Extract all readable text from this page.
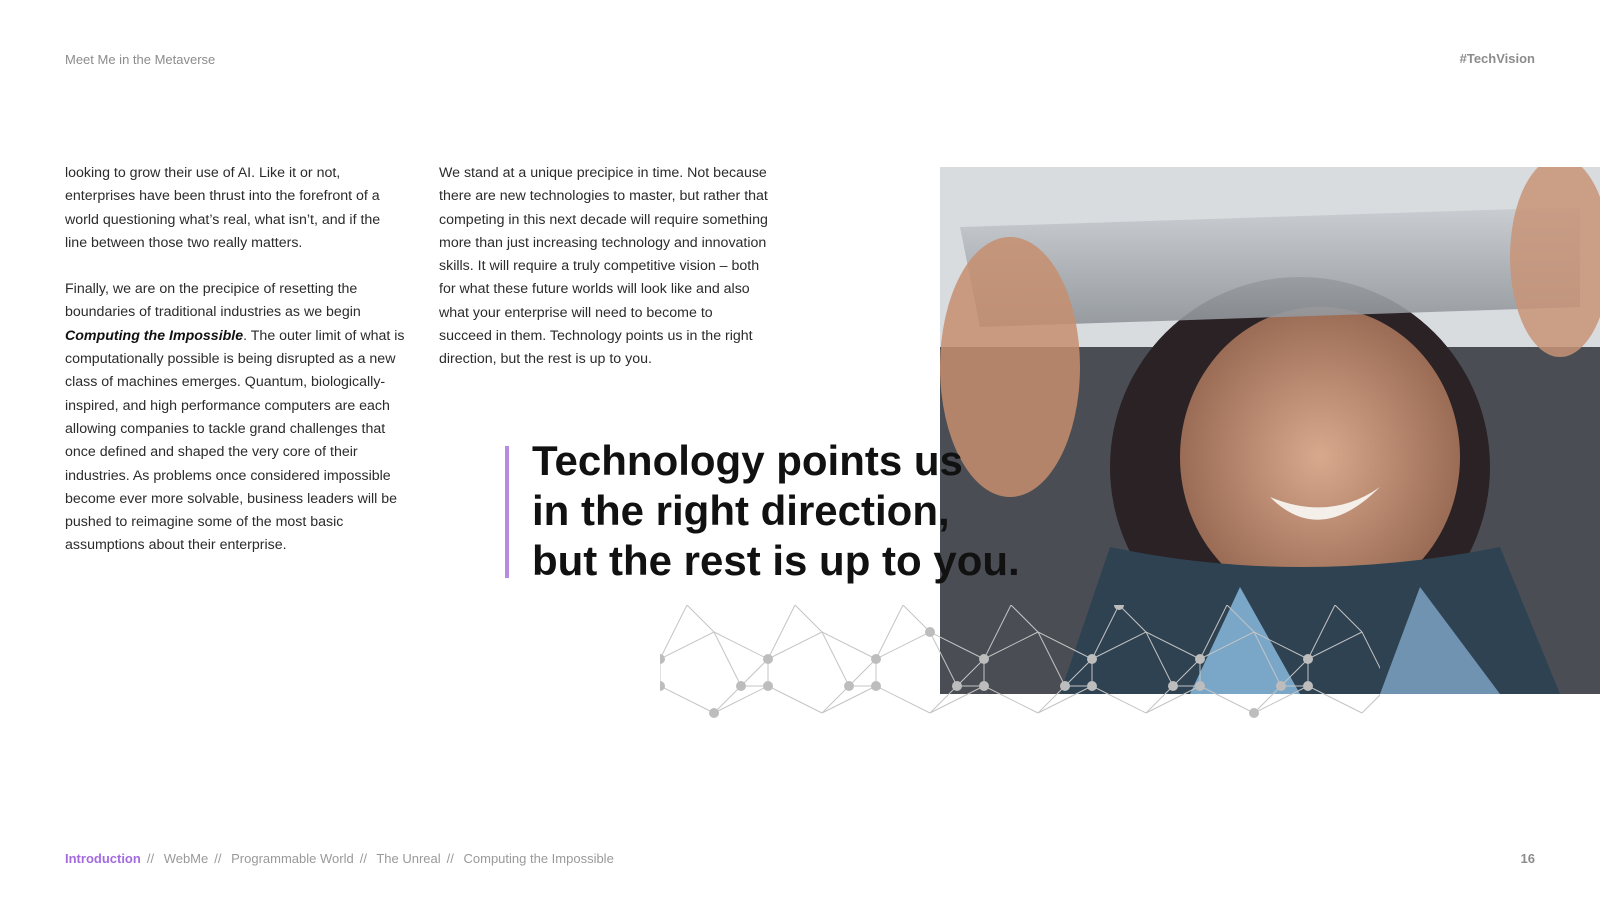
Meet Me in the Metaverse	#TechVision

looking to grow their use of AI. Like it or not, enterprises have been thrust into the forefront of a world questioning what’s real, what isn’t, and if the line between those two really matters.

Finally, we are on the precipice of resetting the boundaries of traditional industries as we begin Computing the Impossible. The outer limit of what is computationally possible is being disrupted as a new class of machines emerges. Quantum, biologically-inspired, and high performance computers are each allowing companies to tackle grand challenges that once defined and shaped the very core of their industries. As problems once considered impossible become ever more solvable, business leaders will be pushed to reimagine some of the most basic assumptions about their enterprise.

We stand at a unique precipice in time. Not because there are new technologies to master, but rather that competing in this next decade will require something more than just increasing technology and innovation skills. It will require a truly competitive vision – both for what these future worlds will look like and also what your enterprise will need to become to succeed in them. Technology points us in the right direction, but the rest is up to you.

Technology points us
in the right direction,
but the rest is up to you.
Introduction // WebMe // Programmable World // The Unreal // Computing the Impossible	16
